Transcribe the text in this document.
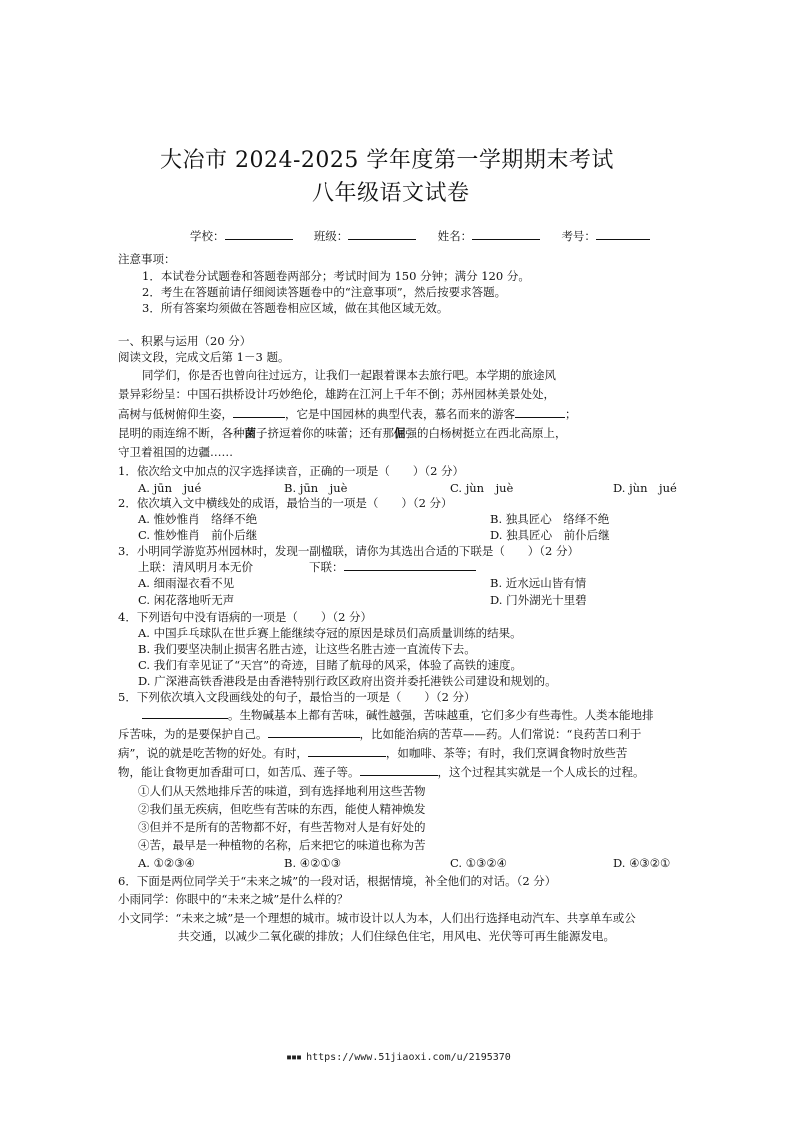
大冶市 2024-2025 学年度第一学期期末考试
八年级语文试卷
学校：	班级：	姓名：	考号：
注意事项：
1．本试卷分试题卷和答题卷两部分；考试时间为 150 分钟；满分 120 分。
2．考生在答题前请仔细阅读答题卷中的“注意事项”，然后按要求答题。
3．所有答案均须做在答题卷相应区域，做在其他区域无效。
一、积累与运用（20 分）
阅读文段，完成文后第 1－3 题。
同学们，你是否也曾向往过远方，让我们一起跟着课本去旅行吧。本学期的旅途风
景异彩纷呈：中国石拱桥设计巧妙绝伦，雄跨在江河上千年不倒；苏州园林美景处处，
高树与低树俯仰生姿，	，它是中国园林的典型代表，慕名而来的游客	；
昆明的雨连绵不断，各种菌子挤逗着你的味蕾；还有那倔强的白杨树挺立在西北高原上，
守卫着祖国的边疆……
1．依次给文中加点的汉字选择读音，正确的一项是（　　）（2 分）
A. jūn　jué	B. jūn　juè	C. jùn　juè	D. jùn　jué
2．依次填入文中横线处的成语，最恰当的一项是（　　）（2 分）
A. 惟妙惟肖　络绎不绝	B. 独具匠心　络绎不绝
C. 惟妙惟肖　前仆后继	D. 独具匠心　前仆后继
3．小明同学游览苏州园林时，发现一副楹联，请你为其选出合适的下联是（　　）（2 分）
上联：清风明月本无价	下联：
A. 细雨湿衣看不见	B. 近水远山皆有情
C. 闲花落地听无声	D. 门外湖光十里碧
4．下列语句中没有语病的一项是（　　）（2 分）
A. 中国乒乓球队在世乒赛上能继续夺冠的原因是球员们高质量训练的结果。
B. 我们要坚决制止损害名胜古迹，让这些名胜古迹一直流传下去。
C. 我们有幸见证了“天宫”的奇迹，目睹了航母的风采，体验了高铁的速度。
D. 广深港高铁香港段是由香港特别行政区政府出资并委托港铁公司建设和规划的。
5．下列依次填入文段画线处的句子，最恰当的一项是（　　）（2 分）
。生物碱基本上都有苦味，碱性越强，苦味越重，它们多少有些毒性。人类本能地排
斥苦味，为的是要保护自己。	，比如能治病的苦草——药。人们常说：“良药苦口利于
病”，说的就是吃苦物的好处。有时，	，如咖啡、茶等；有时，我们烹调食物时放些苦
物，能让食物更加香甜可口，如苦瓜、莲子等。	，这个过程其实就是一个人成长的过程。
①人们从天然地排斥苦的味道，到有选择地利用这些苦物
②我们虽无疾病，但吃些有苦味的东西，能使人精神焕发
③但并不是所有的苦物都不好，有些苦物对人是有好处的
④苦，最早是一种植物的名称，后来把它的味道也称为苦
A. ①②③④	B. ④②①③	C. ①③②④	D. ④③②①
6．下面是两位同学关于“未来之城”的一段对话，根据情境，补全他们的对话。（2 分）
小雨同学：你眼中的“未来之城”是什么样的？
小文同学：“未来之城”是一个理想的城市。城市设计以人为本，人们出行选择电动汽车、共享单车或公
共交通，以减少二氧化碳的排放；人们住绿色住宅，用风电、光伏等可再生能源发电。
▪▪▪ https://www.51jiaoxi.com/u/2195370
